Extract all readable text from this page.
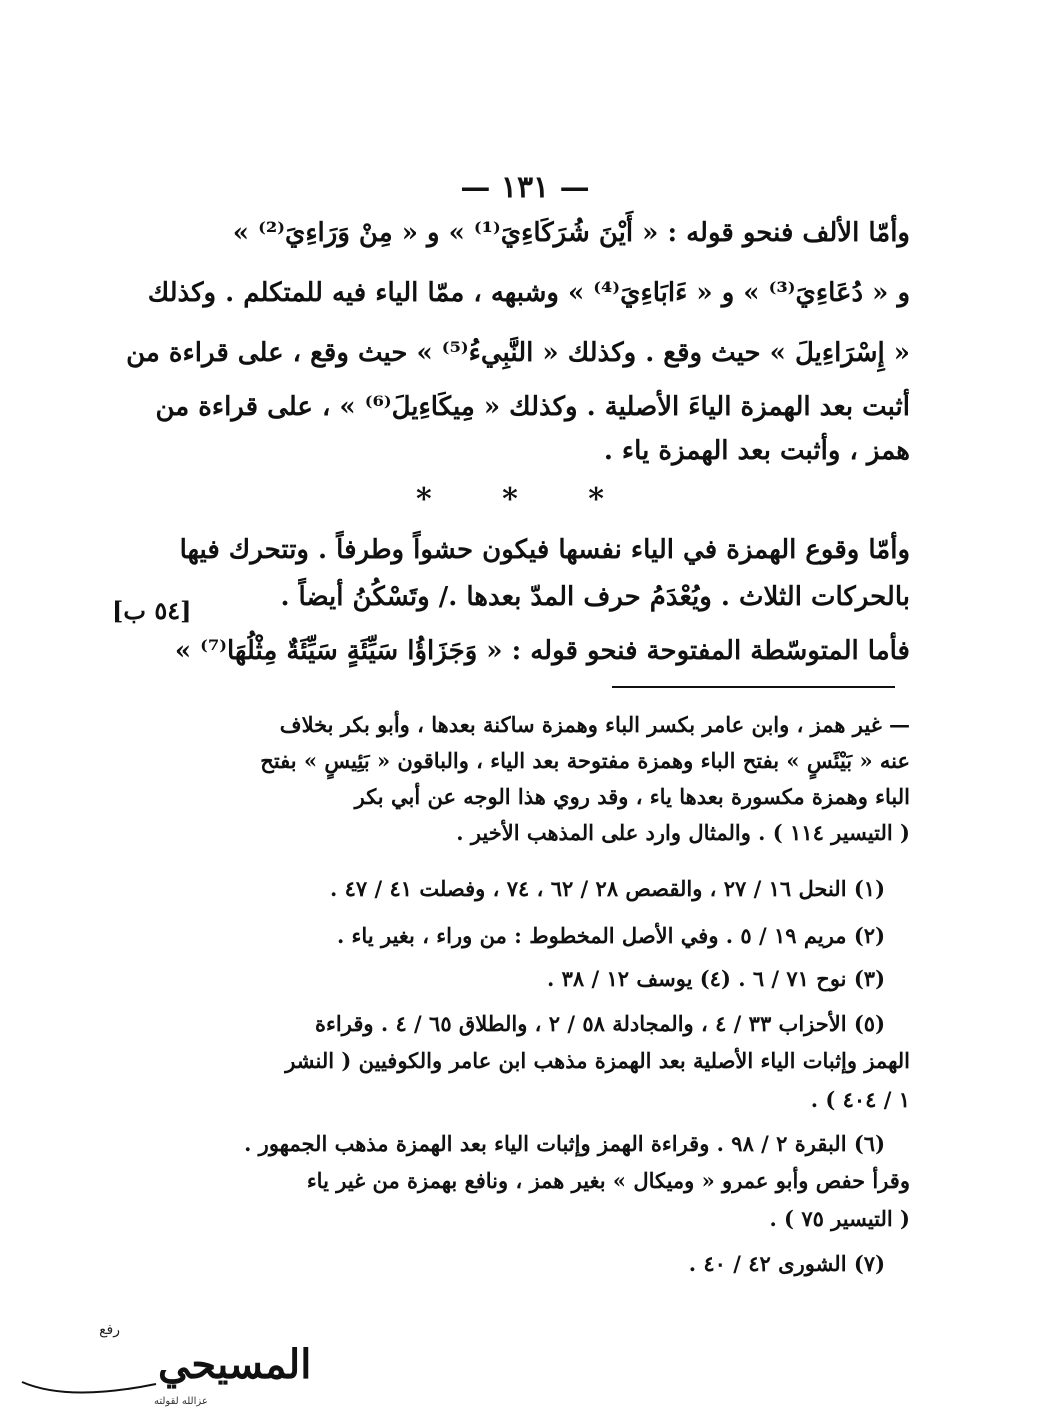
— ١٣١ —
وأمّا الألف فنحو قوله : « أَيْنَ شُرَكَاءِيَ⁽¹⁾ » و « مِنْ وَرَاءِيَ⁽²⁾ »
و « دُعَاءِيَ⁽³⁾ » و « ءَابَاءِيَ⁽⁴⁾ » وشبهه ، ممّا الياء فيه للمتكلم . وكذلك
« إِسْرَاءِيلَ » حيث وقع . وكذلك « النَّبِيءُ⁽⁵⁾ » حيث وقع ، على قراءة من
أثبت بعد الهمزة الياءَ الأصلية . وكذلك « مِيكَاءِيلَ⁽⁶⁾ » ، على قراءة من
همز ، وأثبت بعد الهمزة ياء .
* * *
وأمّا وقوع الهمزة في الياء نفسها فيكون حشواً وطرفاً . وتتحرك فيها
بالحركات الثلاث . ويُعْدَمُ حرف المدّ بعدها ./ وتَسْكُنُ أيضاً .
فأما المتوسّطة المفتوحة فنحو قوله : « وَجَزَاؤُا سَيِّئَةٍ سَيِّئَةٌ مِثْلُهَا⁽⁷⁾ »
[٥٤ ب]
— غير همز ، وابن عامر بكسر الباء وهمزة ساكنة بعدها ، وأبو بكر بخلاف
عنه « بَيْئَسٍ » بفتح الباء وهمزة مفتوحة بعد الياء ، والباقون « بَئِيسٍ » بفتح
الباء وهمزة مكسورة بعدها ياء ، وقد روي هذا الوجه عن أبي بكر
( التيسير ١١٤ ) . والمثال وارد على المذهب الأخير .
(١) النحل ١٦ / ٢٧ ، والقصص ٢٨ / ٦٢ ، ٧٤ ، وفصلت ٤١ / ٤٧ .
(٢) مريم ١٩ / ٥ . وفي الأصل المخطوط : من وراء ، بغير ياء .
(٣) نوح ٧١ / ٦ . (٤) يوسف ١٢ / ٣٨ .
(٥) الأحزاب ٣٣ / ٤ ، والمجادلة ٥٨ / ٢ ، والطلاق ٦٥ / ٤ . وقراءة
الهمز وإثبات الياء الأصلية بعد الهمزة مذهب ابن عامر والكوفيين ( النشر
١ / ٤٠٤ ) .
(٦) البقرة ٢ / ٩٨ . وقراءة الهمز وإثبات الياء بعد الهمزة مذهب الجمهور .
وقرأ حفص وأبو عمرو « وميكال » بغير همز ، ونافع بهمزة من غير ياء
( التيسير ٧٥ ) .
(٧) الشورى ٤٢ / ٤٠ .
رفع
المسيحي
عزالله لقولته
